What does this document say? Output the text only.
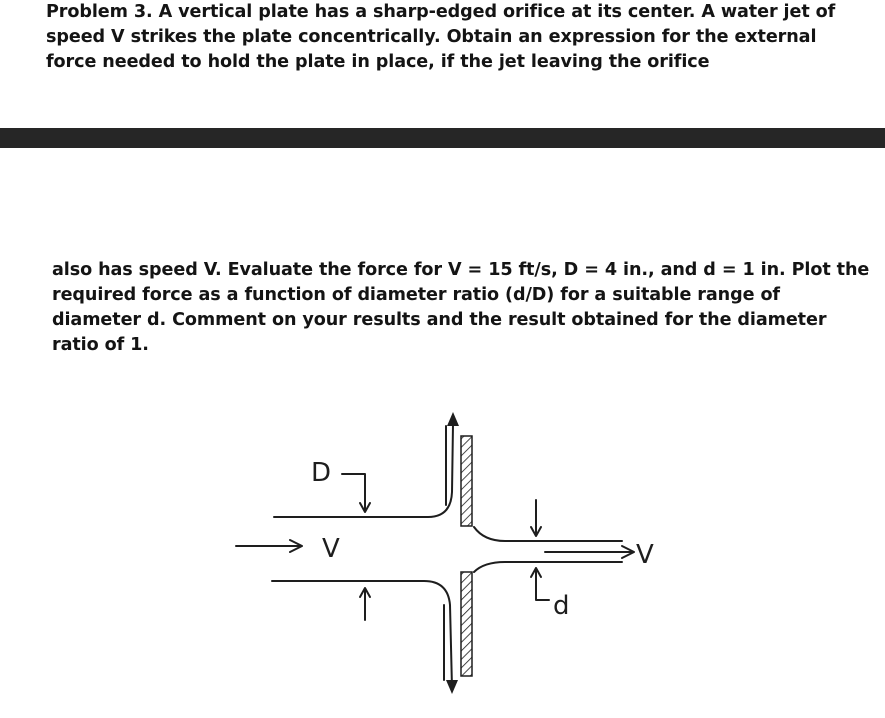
Problem 3. A vertical plate has a sharp-edged orifice at its center. A water jet of speed V strikes the plate concentrically. Obtain an expression for the external force needed to hold the plate in place, if the jet leaving the orifice

also has speed V. Evaluate the force for V = 15 ft/s, D = 4 in., and d = 1 in. Plot the required force as a function of diameter ratio (d/D) for a suitable range of diameter d. Comment on your results and the result obtained for the diameter ratio of 1.

V	V
D
d
